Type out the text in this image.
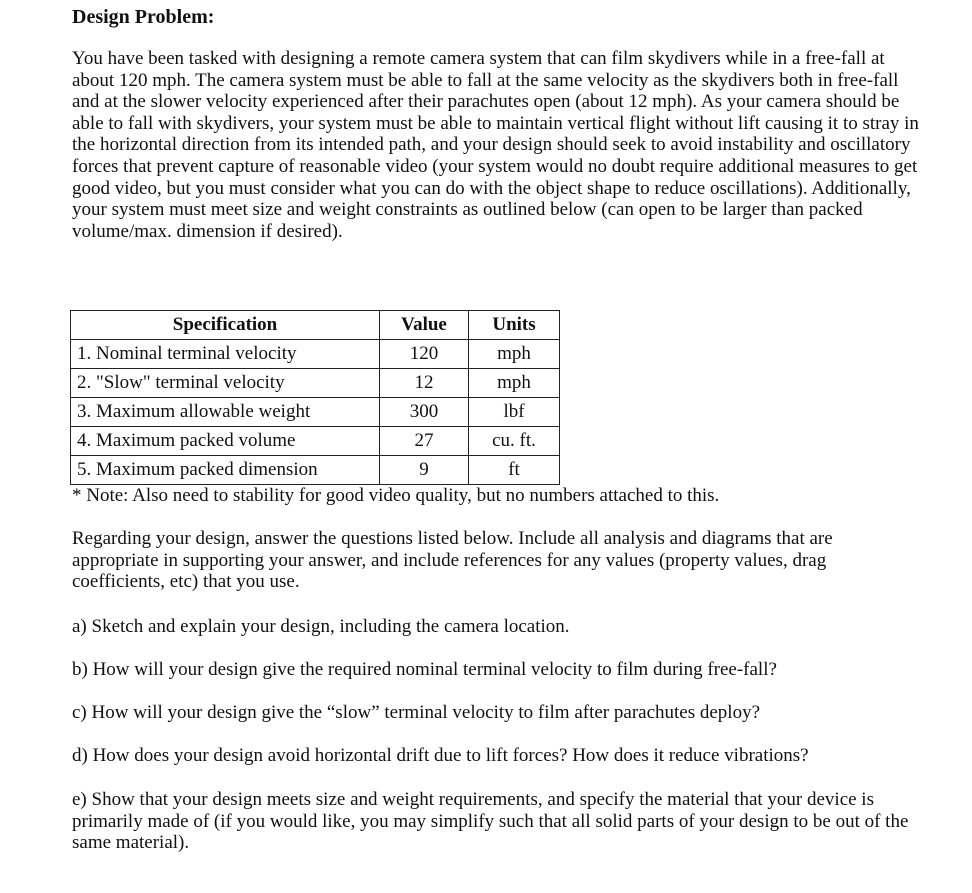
Design Problem:

You have been tasked with designing a remote camera system that can film skydivers while in a free-fall at about 120 mph. The camera system must be able to fall at the same velocity as the skydivers both in free-fall and at the slower velocity experienced after their parachutes open (about 12 mph). As your camera should be able to fall with skydivers, your system must be able to maintain vertical flight without lift causing it to stray in the horizontal direction from its intended path, and your design should seek to avoid instability and oscillatory forces that prevent capture of reasonable video (your system would no doubt require additional measures to get good video, but you must consider what you can do with the object shape to reduce oscillations). Additionally, your system must meet size and weight constraints as outlined below (can open to be larger than packed volume/max. dimension if desired).

Specification	Value	Units
1. Nominal terminal velocity	120	mph
2. "Slow" terminal velocity	12	mph
3. Maximum allowable weight	300	lbf
4. Maximum packed volume	27	cu. ft.
5. Maximum packed dimension	9	ft

* Note: Also need to stability for good video quality, but no numbers attached to this.

Regarding your design, answer the questions listed below. Include all analysis and diagrams that are appropriate in supporting your answer, and include references for any values (property values, drag coefficients, etc) that you use.

a) Sketch and explain your design, including the camera location.

b) How will your design give the required nominal terminal velocity to film during free-fall?

c) How will your design give the “slow” terminal velocity to film after parachutes deploy?

d) How does your design avoid horizontal drift due to lift forces? How does it reduce vibrations?

e) Show that your design meets size and weight requirements, and specify the material that your device is primarily made of (if you would like, you may simplify such that all solid parts of your design to be out of the same material).
